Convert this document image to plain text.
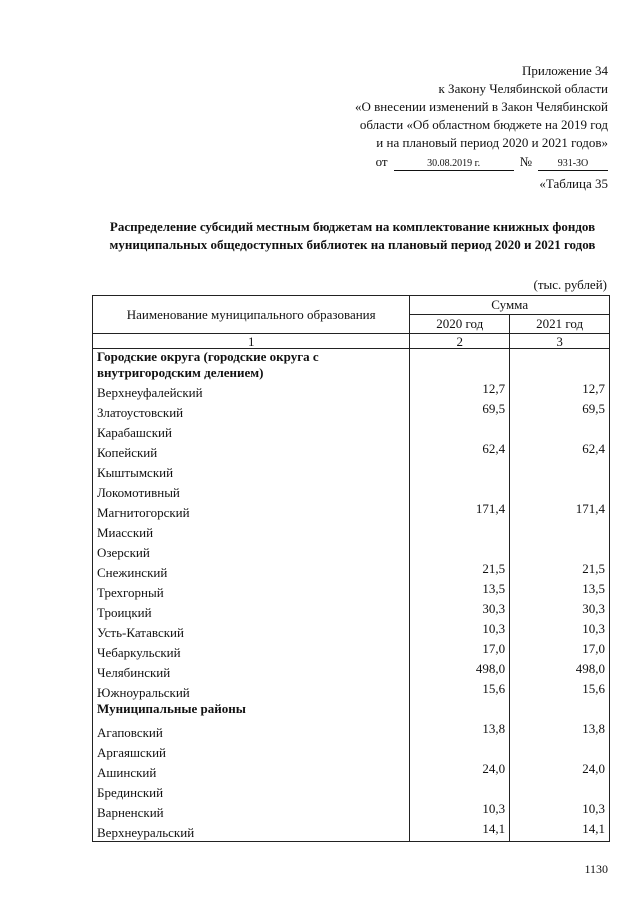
Приложение 34
к Закону Челябинской области
«О внесении изменений в Закон Челябинской
области «Об областном бюджете на 2019 год
и на плановый период 2020 и 2021 годов»
от	30.08.2019 г.	№	931-ЗО
«Таблица 35
Распределение субсидий местным бюджетам на комплектование книжных фондов муниципальных общедоступных библиотек на плановый период 2020 и 2021 годов
(тыс. рублей)
Наименование муниципального образования	Сумма	
	2020 год	2021 год
1	2	3
Городские округа (городские округа с внутригородским делением)		
Верхнеуфалейский	12,7	12,7
Златоустовский	69,5	69,5
Карабашский		
Копейский	62,4	62,4
Кыштымский		
Локомотивный		
Магнитогорский	171,4	171,4
Миасский		
Озерский		
Снежинский	21,5	21,5
Трехгорный	13,5	13,5
Троицкий	30,3	30,3
Усть-Катавский	10,3	10,3
Чебаркульский	17,0	17,0
Челябинский	498,0	498,0
Южноуральский	15,6	15,6
Муниципальные районы		
Агаповский	13,8	13,8
Аргаяшский		
Ашинский	24,0	24,0
Брединский		
Варненский	10,3	10,3
Верхнеуральский	14,1	14,1
1130
